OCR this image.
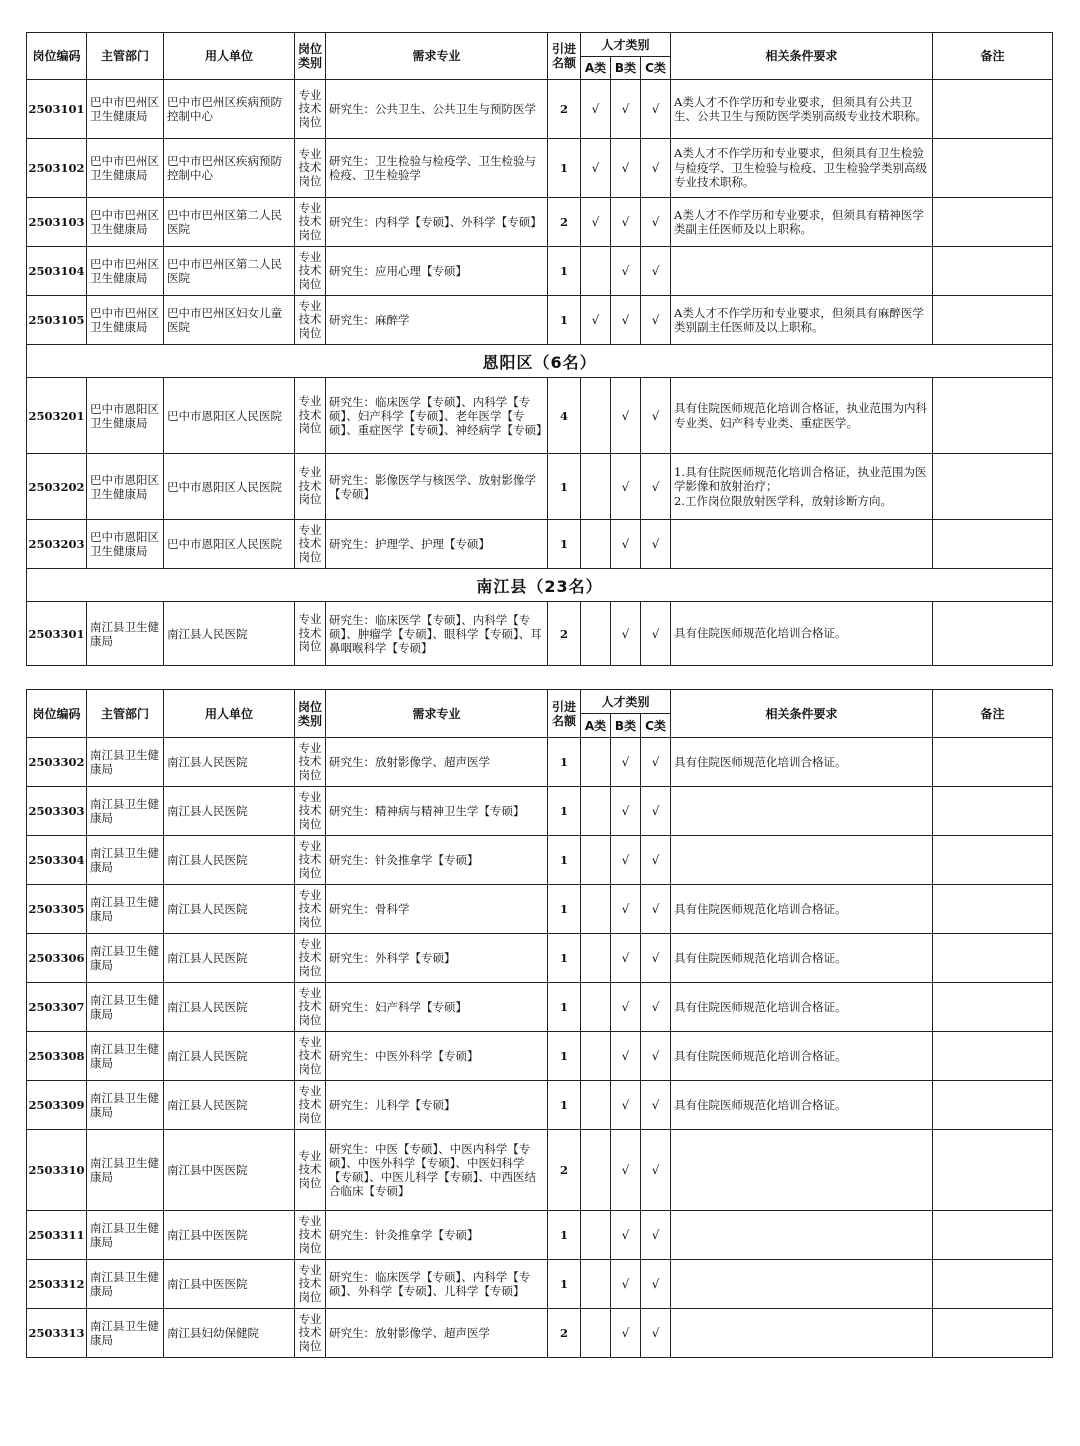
岗位编码	主管部门	用人单位	岗位类别	需求专业	引进名额	人才类别			相关条件要求	备注
						A类	B类	C类		
2503101	巴中市巴州区卫生健康局	巴中市巴州区疾病预防控制中心	专业技术岗位	研究生：公共卫生、公共卫生与预防医学	2	√	√	√	A类人才不作学历和专业要求，但须具有公共卫生、公共卫生与预防医学类别高级专业技术职称。	
2503102	巴中市巴州区卫生健康局	巴中市巴州区疾病预防控制中心	专业技术岗位	研究生：卫生检验与检疫学、卫生检验与检疫、卫生检验学	1	√	√	√	A类人才不作学历和专业要求，但须具有卫生检验与检疫学、卫生检验与检疫、卫生检验学类别高级专业技术职称。	
2503103	巴中市巴州区卫生健康局	巴中市巴州区第二人民医院	专业技术岗位	研究生：内科学【专硕】、外科学【专硕】	2	√	√	√	A类人才不作学历和专业要求，但须具有精神医学类副主任医师及以上职称。	
2503104	巴中市巴州区卫生健康局	巴中市巴州区第二人民医院	专业技术岗位	研究生：应用心理【专硕】	1		√	√		
2503105	巴中市巴州区卫生健康局	巴中市巴州区妇女儿童医院	专业技术岗位	研究生：麻醉学	1	√	√	√	A类人才不作学历和专业要求，但须具有麻醉医学类别副主任医师及以上职称。	
恩阳区（6名）										
2503201	巴中市恩阳区卫生健康局	巴中市恩阳区人民医院	专业技术岗位	研究生：临床医学【专硕】、内科学【专硕】、妇产科学【专硕】、老年医学【专硕】、重症医学【专硕】、神经病学【专硕】	4		√	√	具有住院医师规范化培训合格证，执业范围为内科专业类、妇产科专业类、重症医学。	
2503202	巴中市恩阳区卫生健康局	巴中市恩阳区人民医院	专业技术岗位	研究生：影像医学与核医学、放射影像学【专硕】	1		√	√	1.具有住院医师规范化培训合格证，执业范围为医学影像和放射治疗；
2.工作岗位限放射医学科，放射诊断方向。	
2503203	巴中市恩阳区卫生健康局	巴中市恩阳区人民医院	专业技术岗位	研究生：护理学、护理【专硕】	1		√	√		
南江县（23名）										
2503301	南江县卫生健康局	南江县人民医院	专业技术岗位	研究生：临床医学【专硕】、内科学【专硕】、肿瘤学【专硕】、眼科学【专硕】、耳鼻咽喉科学【专硕】	2		√	√	具有住院医师规范化培训合格证。	
岗位编码	主管部门	用人单位	岗位类别	需求专业	引进名额	人才类别			相关条件要求	备注
						A类	B类	C类		
2503302	南江县卫生健康局	南江县人民医院	专业技术岗位	研究生：放射影像学、超声医学	1		√	√	具有住院医师规范化培训合格证。	
2503303	南江县卫生健康局	南江县人民医院	专业技术岗位	研究生：精神病与精神卫生学【专硕】	1		√	√		
2503304	南江县卫生健康局	南江县人民医院	专业技术岗位	研究生：针灸推拿学【专硕】	1		√	√		
2503305	南江县卫生健康局	南江县人民医院	专业技术岗位	研究生：骨科学	1		√	√	具有住院医师规范化培训合格证。	
2503306	南江县卫生健康局	南江县人民医院	专业技术岗位	研究生：外科学【专硕】	1		√	√	具有住院医师规范化培训合格证。	
2503307	南江县卫生健康局	南江县人民医院	专业技术岗位	研究生：妇产科学【专硕】	1		√	√	具有住院医师规范化培训合格证。	
2503308	南江县卫生健康局	南江县人民医院	专业技术岗位	研究生：中医外科学【专硕】	1		√	√	具有住院医师规范化培训合格证。	
2503309	南江县卫生健康局	南江县人民医院	专业技术岗位	研究生：儿科学【专硕】	1		√	√	具有住院医师规范化培训合格证。	
2503310	南江县卫生健康局	南江县中医医院	专业技术岗位	研究生：中医【专硕】、中医内科学【专硕】、中医外科学【专硕】、中医妇科学【专硕】、中医儿科学【专硕】、中西医结合临床【专硕】	2		√	√		
2503311	南江县卫生健康局	南江县中医医院	专业技术岗位	研究生：针灸推拿学【专硕】	1		√	√		
2503312	南江县卫生健康局	南江县中医医院	专业技术岗位	研究生：临床医学【专硕】、内科学【专硕】、外科学【专硕】、儿科学【专硕】	1		√	√		
2503313	南江县卫生健康局	南江县妇幼保健院	专业技术岗位	研究生：放射影像学、超声医学	2		√	√		
